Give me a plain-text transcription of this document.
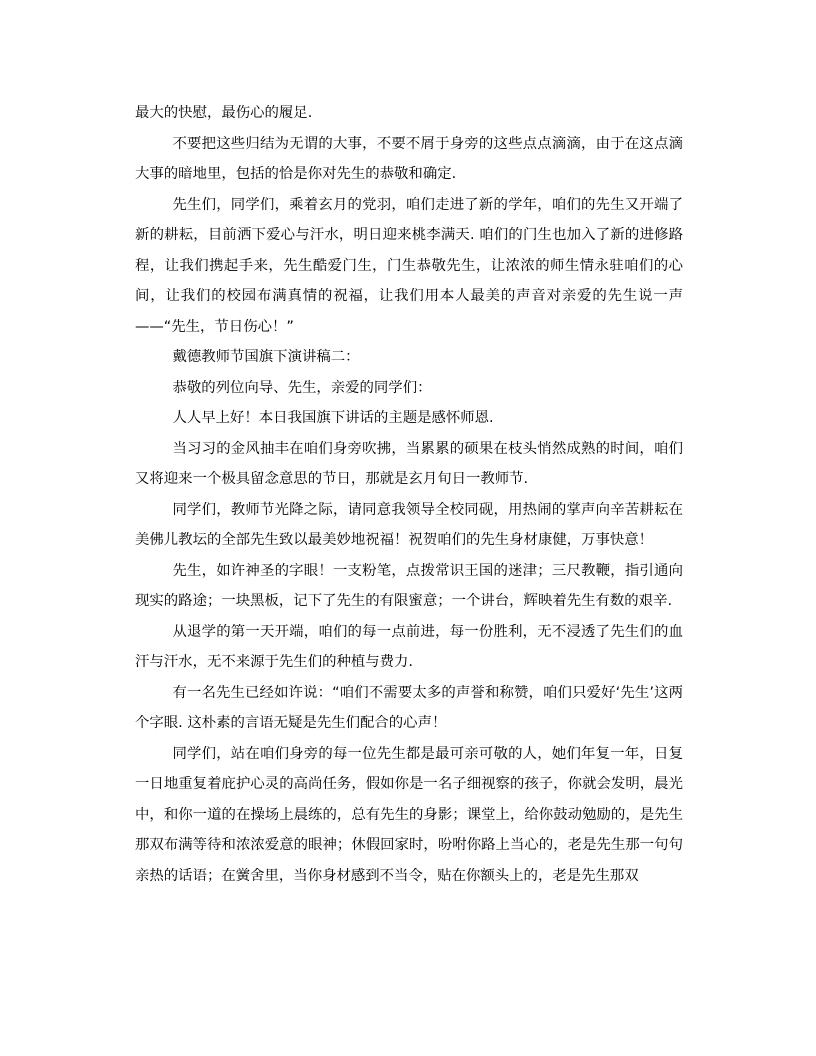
最大的快慰，最伤心的履足.

不要把这些归结为无谓的大事，不要不屑于身旁的这些点点滴滴，由于在这点滴大事的暗地里，包括的恰是你对先生的恭敬和确定.

先生们，同学们，乘着玄月的党羽，咱们走进了新的学年，咱们的先生又开端了新的耕耘，目前洒下爱心与汗水，明日迎来桃李满天. 咱们的门生也加入了新的进修路程，让我们携起手来，先生酷爱门生，门生恭敬先生，让浓浓的师生情永驻咱们的心间，让我们的校园布满真情的祝福，让我们用本人最美的声音对亲爱的先生说一声——“先生，节日伤心！”

戴德教师节国旗下演讲稿二：

恭敬的列位向导、先生，亲爱的同学们：

人人早上好！本日我国旗下讲话的主题是感怀师恩.

当习习的金风抽丰在咱们身旁吹拂，当累累的硕果在枝头悄然成熟的时间，咱们又将迎来一个极具留念意思的节日，那就是玄月旬日一教师节.

同学们，教师节光降之际，请同意我领导全校同砚，用热闹的掌声向辛苦耕耘在美佛儿教坛的全部先生致以最美妙地祝福！祝贺咱们的先生身材康健，万事快意！

先生，如许神圣的字眼！一支粉笔，点拨常识王国的迷津；三尺教鞭，指引通向现实的路途；一块黑板，记下了先生的有限蜜意；一个讲台，辉映着先生有数的艰辛.

从退学的第一天开端，咱们的每一点前进，每一份胜利，无不浸透了先生们的血汗与汗水，无不来源于先生们的种植与费力.

有一名先生已经如许说：“咱们不需要太多的声誉和称赞，咱们只爱好‘先生’这两个字眼. 这朴素的言语无疑是先生们配合的心声！

同学们，站在咱们身旁的每一位先生都是最可亲可敬的人，她们年复一年，日复一日地重复着庇护心灵的高尚任务，假如你是一名子细视察的孩子，你就会发明，晨光中，和你一道的在操场上晨练的，总有先生的身影；课堂上，给你鼓动勉励的，是先生那双布满等待和浓浓爱意的眼神；休假回家时，吩咐你路上当心的，老是先生那一句句亲热的话语；在黉舍里，当你身材感到不当令，贴在你额头上的，老是先生那双
